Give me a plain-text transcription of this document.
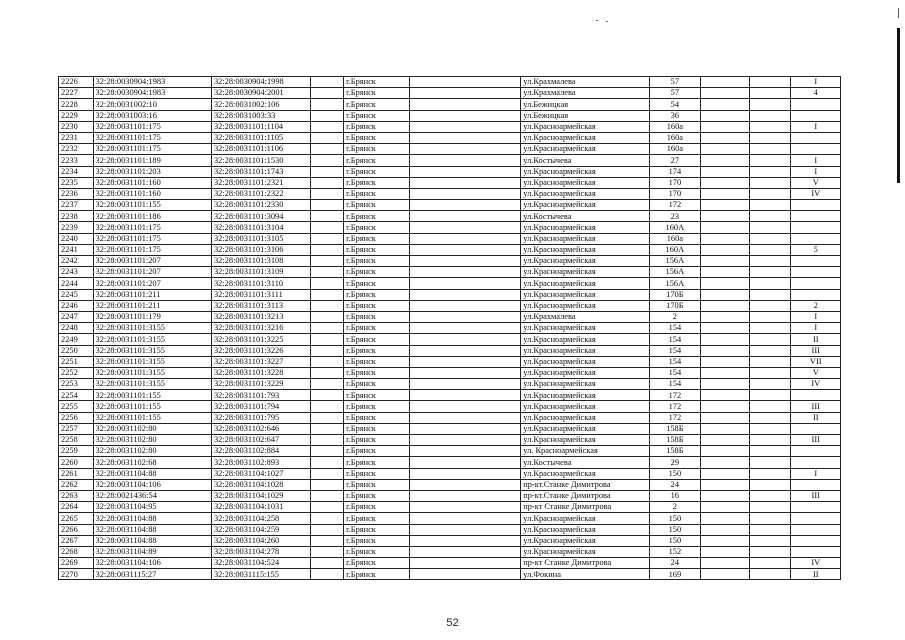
2226	32:28:0030904:1983	32:28:0030904:1998		г.Брянск		ул.Крахмалева	57			I
2227	32:28:0030904:1983	32:28:0030904:2001		г.Брянск		ул.Крахмалева	57			4
2228	32:28:0031002:10	32:28:0031002:106		г.Брянск		ул.Бежицкая	54			
2229	32:28:0031003:16	32:28:0031003:33		г.Брянск		ул.Бежицкая	36			
2230	32:28:0031101:175	32:28:0031101:1104		г.Брянск		ул.Красноармейская	160а			I
2231	32:28:0031101:175	32:28:0031101:1105		г.Брянск		ул.Красноармейская	160а			
2232	32:28:0031101:175	32:28:0031101:1106		г.Брянск		ул.Красноармейская	160а			
2233	32:28:0031101:189	32:28:0031101:1530		г.Брянск		ул.Костычева	27			I
2234	32:28:0031101:203	32:28:0031101:1743		г.Брянск		ул.Красноармейская	174			I
2235	32:28:0031101:160	32:28:0031101:2321		г.Брянск		ул.Красноармейская	170			V
2236	32:28:0031101:160	32:28:0031101:2322		г.Брянск		ул.Красноармейская	170			IV
2237	32:28:0031101:155	32:28:0031101:2330		г.Брянск		ул.Красноармейская	172			
2238	32:28:0031101:186	32:28:0031101:3094		г.Брянск		ул.Костычева	23			
2239	32:28:0031101:175	32:28:0031101:3104		г.Брянск		ул.Красноармейская	160А			
2240	32:28:0031101:175	32:28:0031101:3105		г.Брянск		ул.Красноармейская	160а			
2241	32:28:0031101:175	32:28:0031101:3106		г.Брянск		ул.Красноармейская	160А			5
2242	32:28:0031101:207	32:28:0031101:3108		г.Брянск		ул.Красноармейская	156А			
2243	32:28:0031101:207	32:28:0031101:3109		г.Брянск		ул.Красноармейская	156А			
2244	32:28:0031101:207	32:28:0031101:3110		г.Брянск		ул.Красноармейская	156А			
2245	32:28:0031101:211	32:28:0031101:3111		г.Брянск		ул.Красноармейская	170Б			
2246	32:28:0031101:211	32:28:0031101:3113		г.Брянск		ул.Красноармейская	170Б			2
2247	32:28:0031101:179	32:28:0031101:3213		г.Брянск		ул.Крахмалева	2			I
2248	32:28:0031101:3155	32:28:0031101:3216		г.Брянск		ул.Красноармейская	154			I
2249	32:28:0031101:3155	32:28:0031101:3225		г.Брянск		ул.Красноармейская	154			II
2250	32:28:0031101:3155	32:28:0031101:3226		г.Брянск		ул.Красноармейская	154			III
2251	32:28:0031101:3155	32:28:0031101:3227		г.Брянск		ул.Красноармейская	154			VII
2252	32:28:0031101:3155	32:28:0031101:3228		г.Брянск		ул.Красноармейская	154			V
2253	32:28:0031101:3155	32:28:0031101:3229		г.Брянск		ул.Красноармейская	154			IV
2254	32:28:0031101:155	32:28:0031101:793		г.Брянск		ул.Красноармейская	172			
2255	32:28:0031101:155	32:28:0031101:794		г.Брянск		ул.Красноармейская	172			III
2256	32:28:0031101:155	32:28:0031101:795		г.Брянск		ул.Красноармейская	172			II
2257	32:28:0031102:80	32:28:0031102:646		г.Брянск		ул.Красноармейская	158Б			
2258	32:28:0031102:80	32:28:0031102:647		г.Брянск		ул.Красноармейская	158Б			III
2259	32:28:0031102:80	32:28:0031102:884		г.Брянск		ул. Красноармейская	158Б			
2260	32:28:0031102:68	32:28:0031102:893		г.Брянск		ул.Костычева	29			
2261	32:28:0031104:88	32:28:0031104:1027		г.Брянск		ул.Красноармейская	150			I
2262	32:28:0031104:106	32:28:0031104:1028		г.Брянск		пр-кт.Станке Димитрова	24			
2263	32:28:0021436:54	32:28:0031104:1029		г.Брянск		пр-кт.Станке Димитрова	16			III
2264	32:28:0031104:95	32:28:0031104:1031		г.Брянск		пр-кт Станке Димитрова	2			
2265	32:28:0031104:88	32:28:0031104:258		г.Брянск		ул.Красноармейская	150			
2266	32:28:0031104:88	32:28:0031104:259		г.Брянск		ул.Красноармейская	150			
2267	32:28:0031104:88	32:28:0031104:260		г.Брянск		ул.Красноармейская	150			
2268	32:28:0031104:89	32:28:0031104:278		г.Брянск		ул.Красноармейская	152			
2269	32:28:0031104:106	32:28:0031104:524		г.Брянск		пр-кт Станке Димитрова	24			IV
2270	32:28:0031115:27	32:28:0031115:155		г.Брянск		ул.Фокина	169			II
52
